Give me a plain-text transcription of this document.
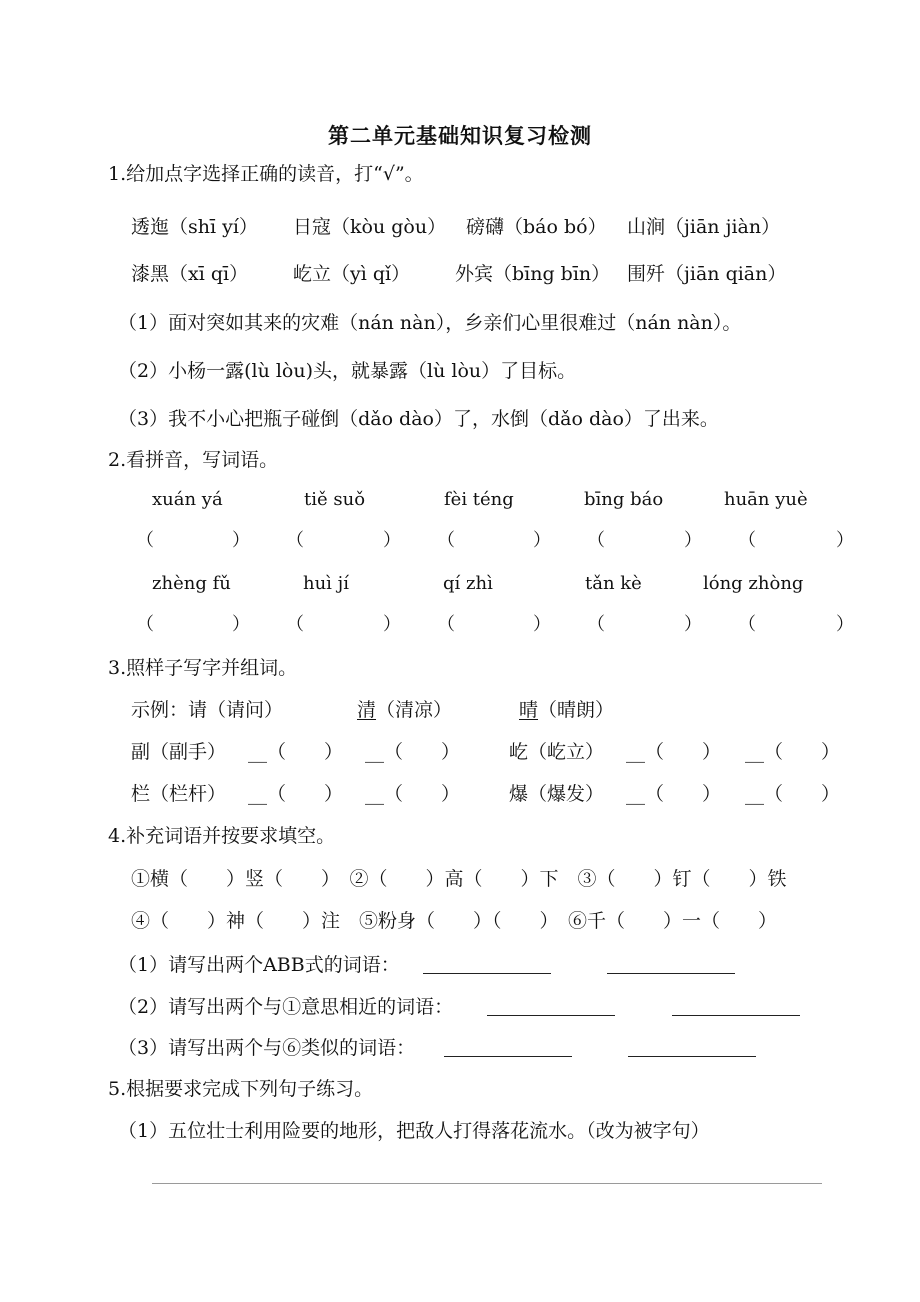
第二单元基础知识复习检测
1.给加点字选择正确的读音，打“√”。
透迤（shī yí） 日寇（kòu gòu） 磅礴（báo bó） 山涧（jiān jiàn）
漆黑（xī qī） 屹立（yì qǐ） 外宾（bīng bīn） 围歼（jiān qiān）
（1）面对突如其来的灾难（nán nàn），乡亲们心里很难过（nán nàn）。
（2）小杨一露(lù lòu)头，就暴露（lù lòu）了目标。
（3）我不小心把瓶子碰倒（dǎo dào）了，水倒（dǎo dào）了出来。
2.看拼音，写词语。
xuán yá	tiě suǒ	fèi téng	bīng báo	huān yuè
（	） （	） （	） （	） （	）
zhèng fǔ	huì jí	qí zhì	tǎn kè	lóng zhòng
（	） （	） （	） （	） （	）
3.照样子写字并组词。
示例：请（请问）	清（清凉）	晴（晴朗）
副（副手） __（　　） __（　　）	屹（屹立） __（　　） __（　　）
栏（栏杆） __（　　） __（　　）	爆（爆发） __（　　） __（　　）
4.补充词语并按要求填空。
①横（　　）竖（　　）　②（　　）高（　　）下　③（　　）钉（　　）铁
④（　　）神（　　）注　⑤粉身（　　）（　　）　⑥千（　　）一（　　）
（1）请写出两个ABB式的词语：
（2）请写出两个与①意思相近的词语：
（3）请写出两个与⑥类似的词语：
5.根据要求完成下列句子练习。
（1）五位壮士利用险要的地形，把敌人打得落花流水。（改为被字句）
